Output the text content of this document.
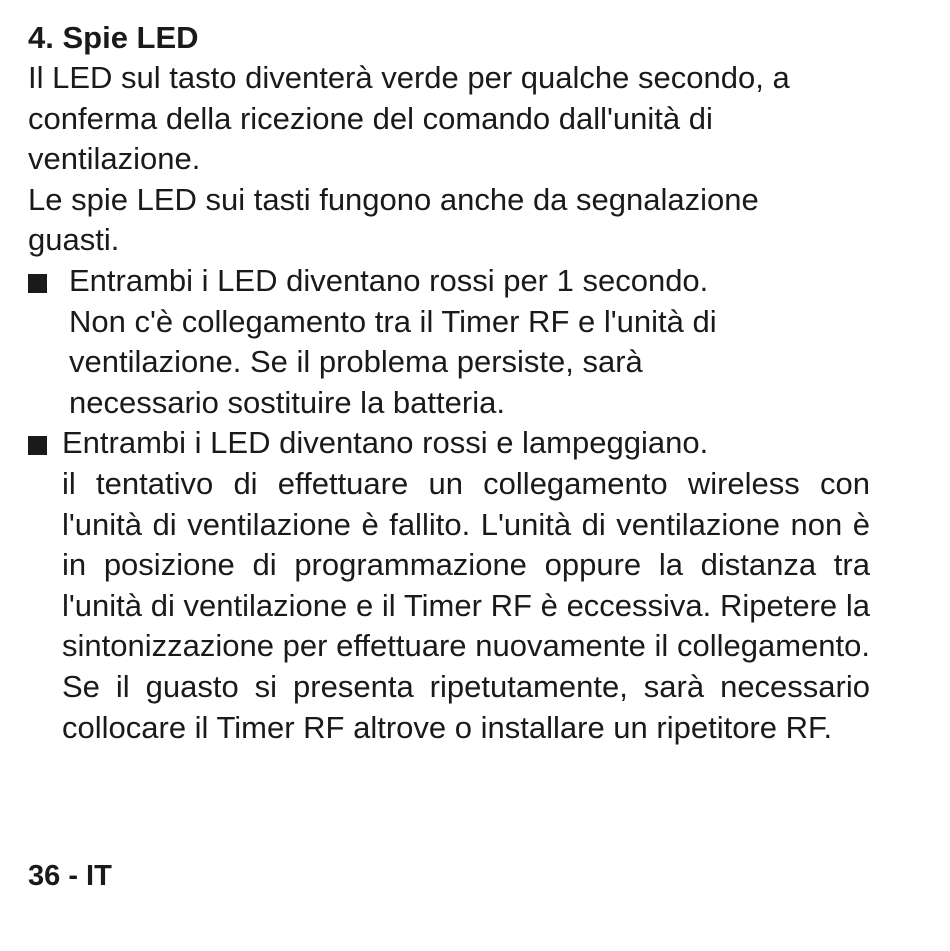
4. Spie LED

Il LED sul tasto diventerà verde per qualche secondo, a conferma della ricezione del comando dall'unità di ventilazione.

Le spie LED sui tasti fungono anche da segnalazione guasti.

Entrambi i LED diventano rossi per 1 secondo.
Non c'è collegamento tra il Timer RF e l'unità di ventilazione. Se il problema persiste, sarà necessario sostituire la batteria.
Entrambi i LED diventano rossi e lampeggiano.
il tentativo di effettuare un collegamento wireless con l'unità di ventilazione è fallito. L'unità di ventilazione non è in posizione di programmazione oppure la distanza tra l'unità di ventilazione e il Timer RF è eccessiva. Ripetere la sintonizzazione per effettuare nuovamente il collegamento. Se il guasto si presenta ripetutamente, sarà necessario collocare il Timer RF altrove o installare un ripetitore RF.
36 - IT
